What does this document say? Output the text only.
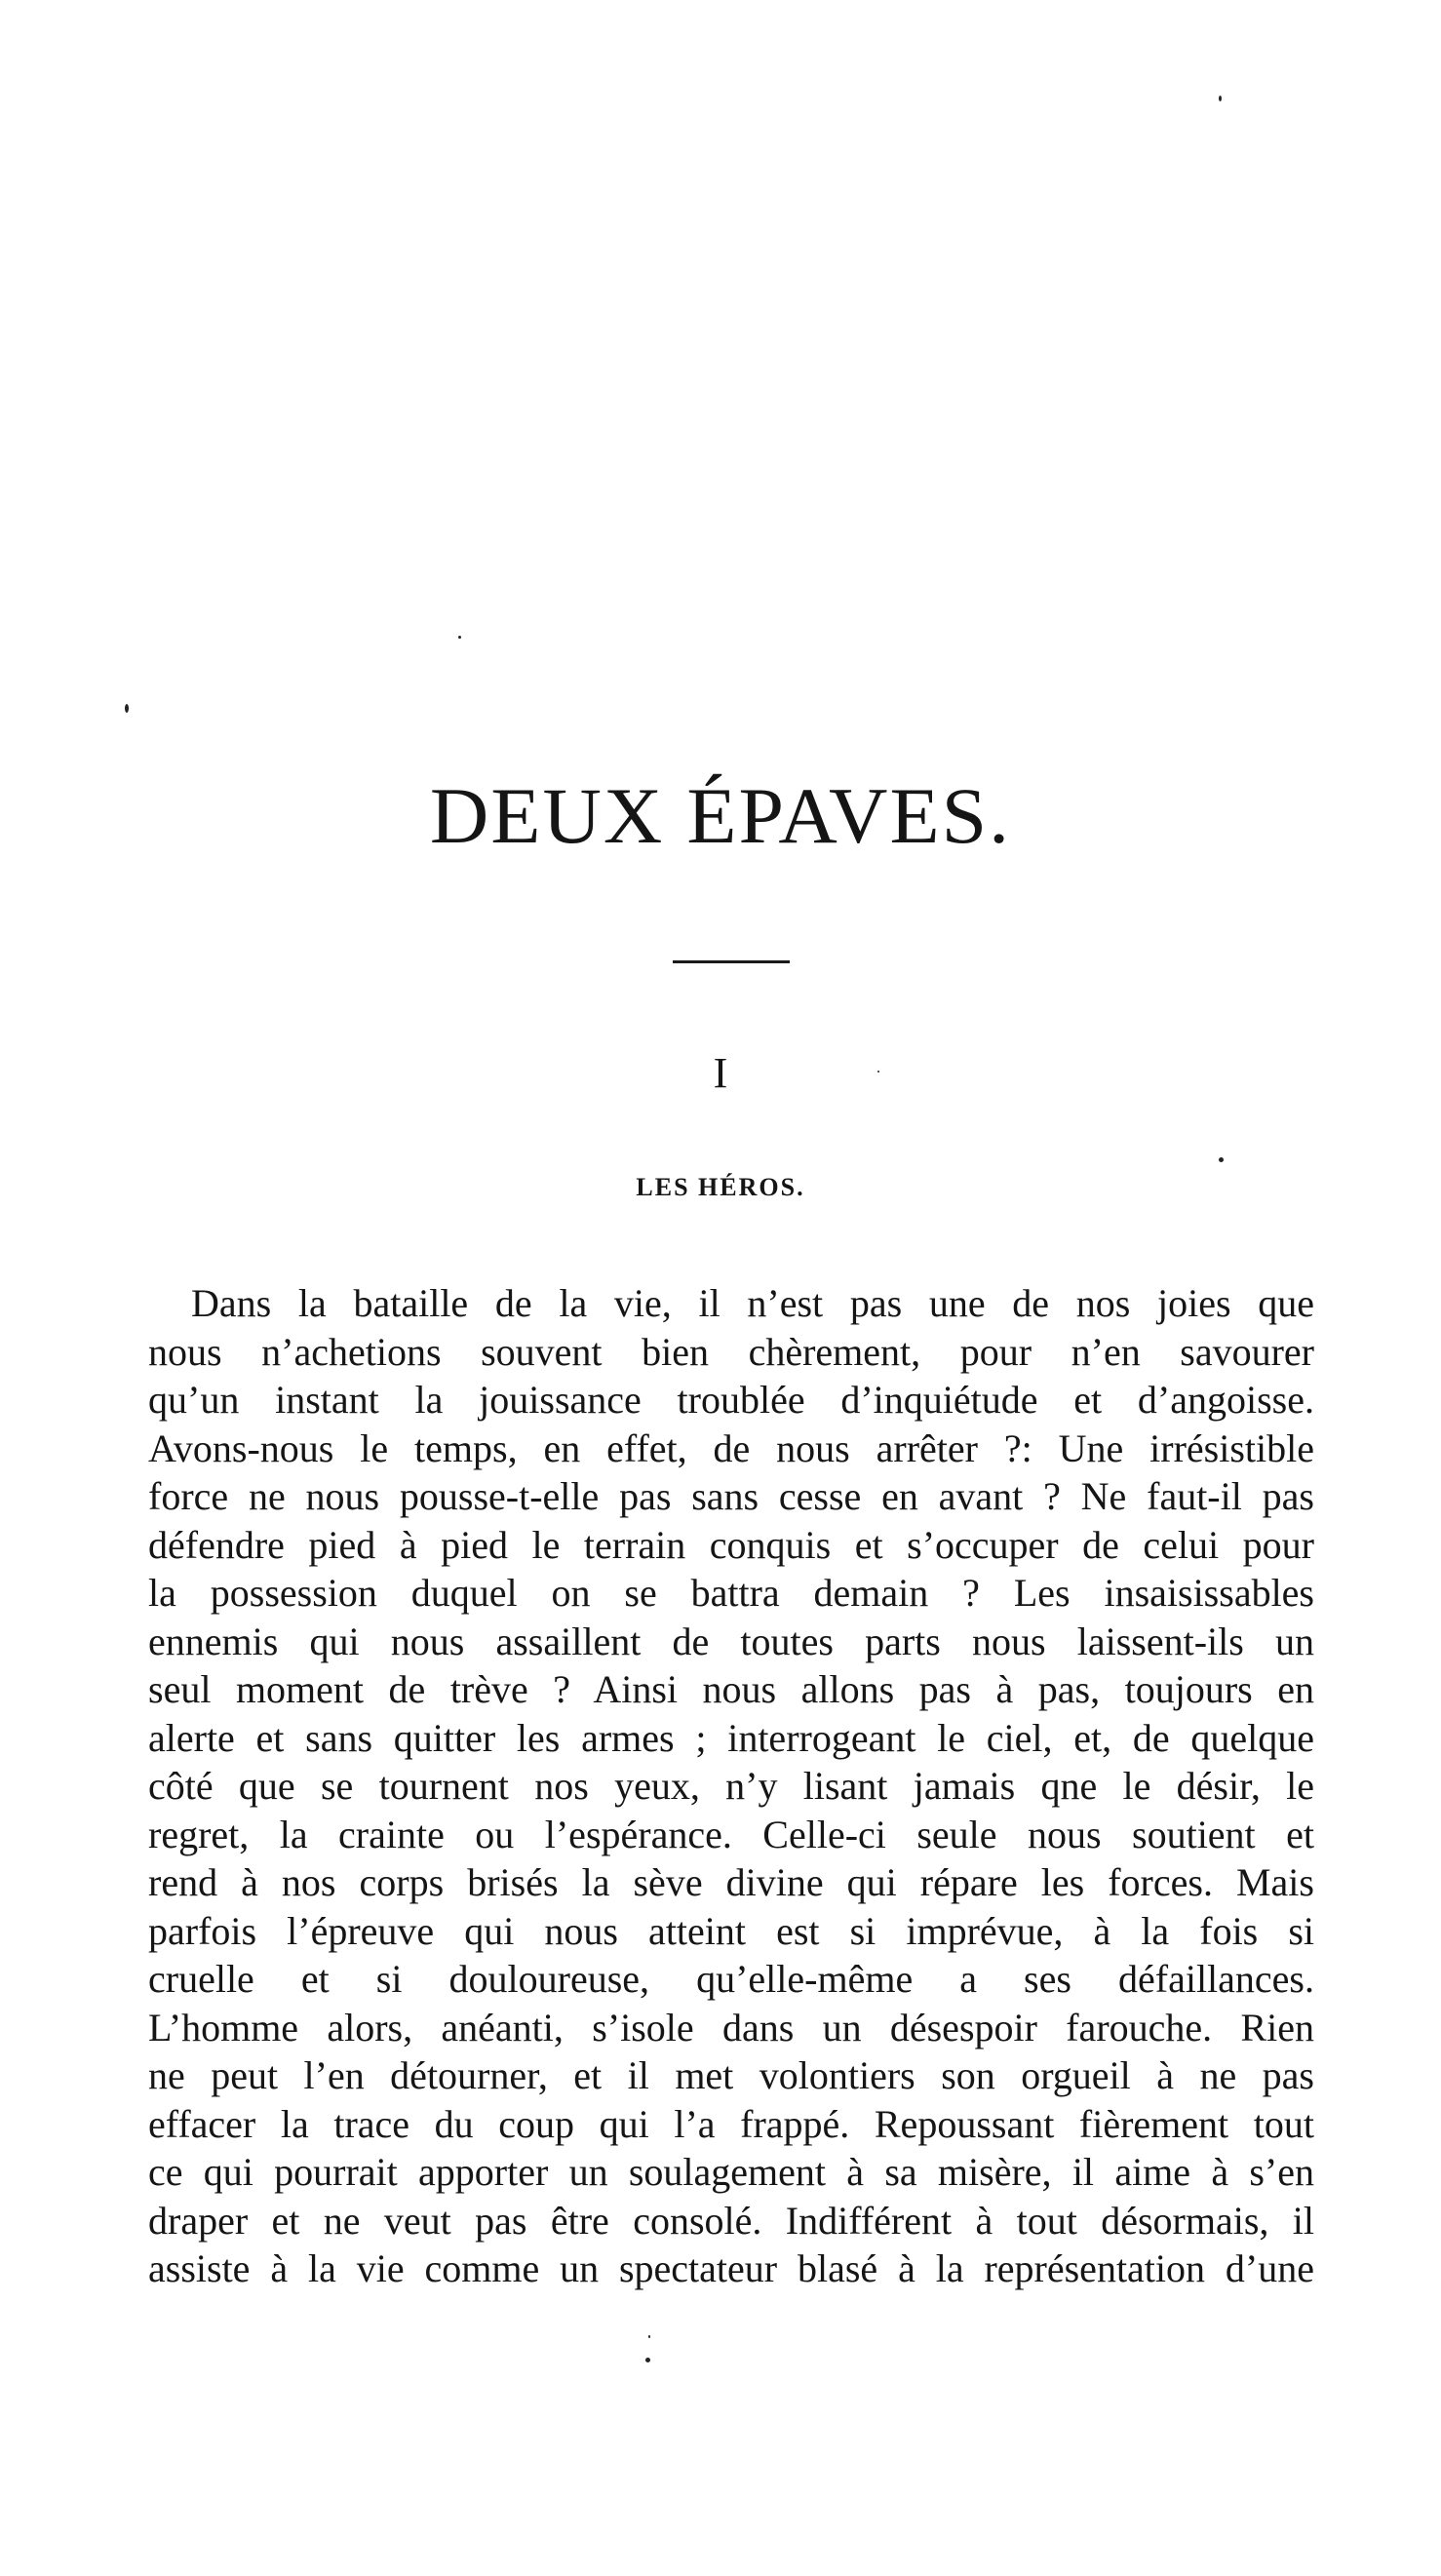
DEUX ÉPAVES.
I
LES HÉROS.
Dans la bataille de la vie, il n’est pas une de nos joies que
nous n’achetions souvent bien chèrement, pour n’en savourer
qu’un instant la jouissance troublée d’inquiétude et d’angoisse.
Avons-nous le temps, en effet, de nous arrêter ?: Une irrésistible
force ne nous pousse-t-elle pas sans cesse en avant ? Ne faut-il pas
défendre pied à pied le terrain conquis et s’occuper de celui pour
la possession duquel on se battra demain ? Les insaisissables
ennemis qui nous assaillent de toutes parts nous laissent-ils un
seul moment de trève ? Ainsi nous allons pas à pas, toujours en
alerte et sans quitter les armes ; interrogeant le ciel, et, de quelque
côté que se tournent nos yeux, n’y lisant jamais qne le désir, le
regret, la crainte ou l’espérance. Celle-ci seule nous soutient et
rend à nos corps brisés la sève divine qui répare les forces. Mais
parfois l’épreuve qui nous atteint est si imprévue, à la fois si
cruelle et si douloureuse, qu’elle-même a ses défaillances.
L’homme alors, anéanti, s’isole dans un désespoir farouche. Rien
ne peut l’en détourner, et il met volontiers son orgueil à ne pas
effacer la trace du coup qui l’a frappé. Repoussant fièrement tout
ce qui pourrait apporter un soulagement à sa misère, il aime à s’en
draper et ne veut pas être consolé. Indifférent à tout désormais, il
assiste à la vie comme un spectateur blasé à la représentation d’une
